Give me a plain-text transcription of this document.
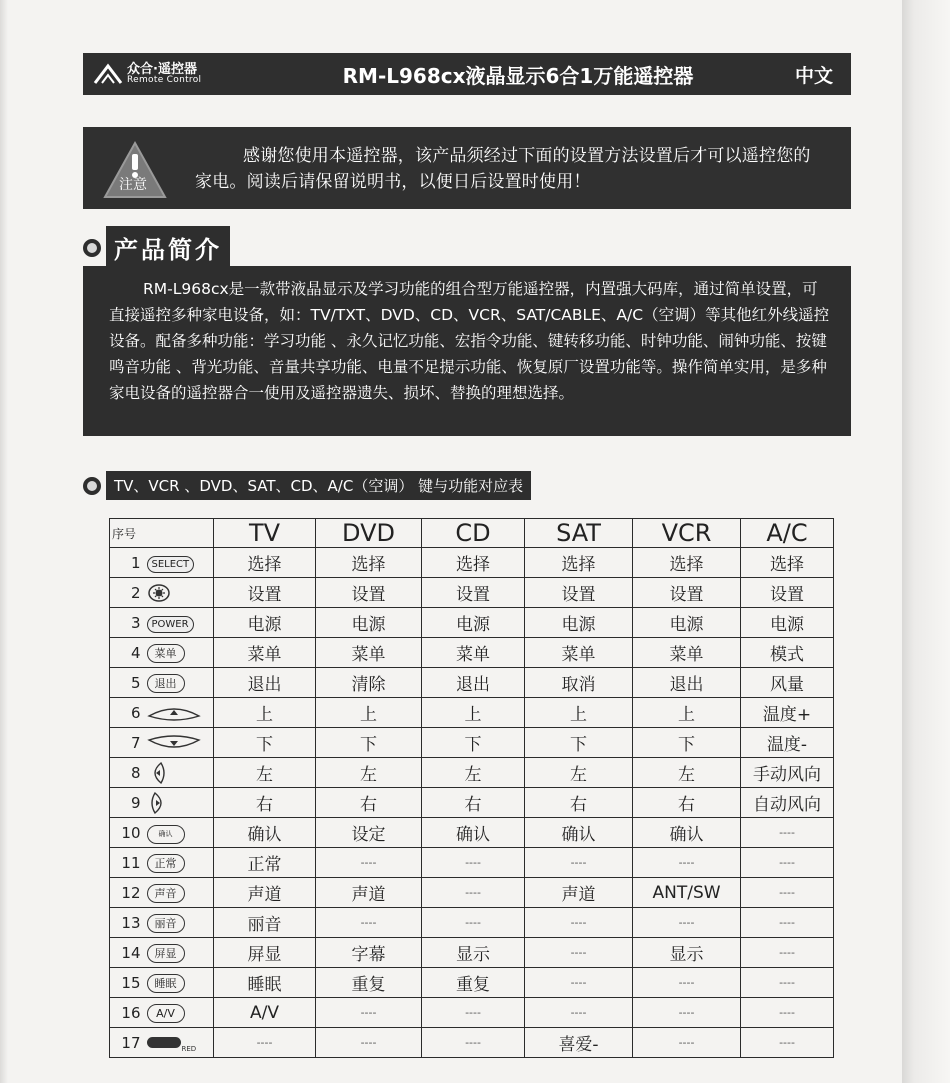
众合·遥控器
Remote Control	RM-L968cx液晶显示6合1万能遥控器	中文
注意
感谢您使用本遥控器，该产品须经过下面的设置方法设置后才可以遥控您的家电。阅读后请保留说明书，以便日后设置时使用！
产品简介
RM-L968cx是一款带液晶显示及学习功能的组合型万能遥控器，内置强大码库，通过简单设置，可直接遥控多种家电设备，如：TV/TXT、DVD、CD、VCR、SAT/CABLE、A/C（空调）等其他红外线遥控设备。配备多种功能：学习功能 、永久记忆功能、宏指令功能、键转移功能、时钟功能、闹钟功能、按键鸣音功能 、背光功能、音量共享功能、电量不足提示功能、恢复原厂设置功能等。操作简单实用，是多种家电设备的遥控器合一使用及遥控器遗失、损坏、替换的理想选择。
TV、VCR 、DVD、SAT、CD、A/C（空调） 键与功能对应表
序号		TV	DVD	CD	SAT	VCR	A/C
1	SELECT	选择	选择	选择	选择	选择	选择
2		设置	设置	设置	设置	设置	设置
3	POWER	电源	电源	电源	电源	电源	电源
4	菜单	菜单	菜单	菜单	菜单	菜单	模式
5	退出	退出	清除	退出	取消	退出	风量
6		上	上	上	上	上	温度+
7		下	下	下	下	下	温度-
8		左	左	左	左	左	手动风向
9		右	右	右	右	右	自动风向
10	确认	确认	设定	确认	确认	确认	----
11	正常	正常	----	----	----	----	----
12	声音	声道	声道	----	声道	ANT/SW	----
13	丽音	丽音	----	----	----	----	----
14	屏显	屏显	字幕	显示	----	显示	----
15	睡眠	睡眠	重复	重复	----	----	----
16	A/V	A/V	----	----	----	----	----
17	RED	----	----	----	喜爱-	----	----
